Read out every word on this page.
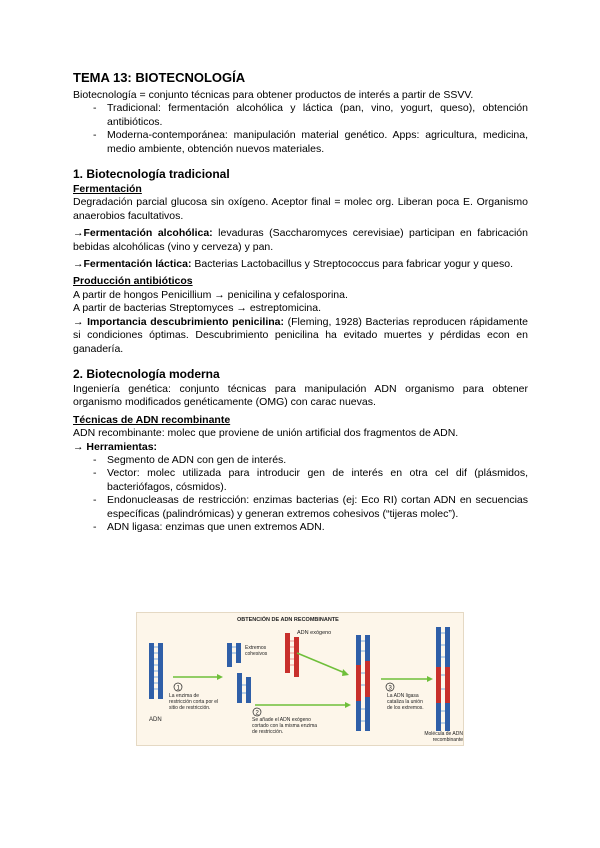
TEMA 13: BIOTECNOLOGÍA

Biotecnología = conjunto técnicas para obtener productos de interés a partir de SSVV.

- Tradicional: fermentación alcohólica y láctica (pan, vino, yogurt, queso), obtención antibióticos.
- Moderna-contemporánea: manipulación material genético. Apps: agricultura, medicina, medio ambiente, obtención nuevos materiales.
1. Biotecnología tradicional
Fermentación

Degradación parcial glucosa sin oxígeno. Aceptor final = molec org. Liberan poca E. Organismo anaerobios facultativos.

→Fermentación alcohólica: levaduras (Saccharomyces cerevisiae) participan en fabricación bebidas alcohólicas (vino y cerveza) y pan.

→Fermentación láctica: Bacterias Lactobacillus y Streptococcus para fabricar yogur y queso.

Producción antibióticos

A partir de hongos Penicillium → penicilina y cefalosporina.

A partir de bacterias Streptomyces → estreptomicina.

→ Importancia descubrimiento penicilina: (Fleming, 1928) Bacterias reproducen rápidamente si condiciones óptimas. Descubrimiento penicilina ha evitado muertes y pérdidas econ en ganadería.

2. Biotecnología moderna

Ingeniería genética: conjunto técnicas para manipulación ADN organismo para obtener organismo modificados genéticamente (OMG) con carac nuevas.

Técnicas de ADN recombinante

ADN recombinante: molec que proviene de unión artificial dos fragmentos de ADN.

→ Herramientas:

- Segmento de ADN con gen de interés.
- Vector: molec utilizada para introducir gen de interés en otra cel dif (plásmidos, bacteriófagos, cósmidos).
- Endonucleasas de restricción: enzimas bacterias (ej: Eco RI) cortan ADN en secuencias específicas (palindrómicas) y generan extremos cohesivos (“tijeras molec”).
- ADN ligasa: enzimas que unen extremos ADN.
OBTENCIÓN DE ADN RECOMBINANTE
ADN
1
La enzima de restricción corta por el sitio de restricción.
Extremos cohesivos
ADN exógeno
2
Se añade el ADN exógeno cortado con la misma enzima de restricción.
3
La ADN ligasa cataliza la unión de los extremos.
Molécula de ADN recombinante
